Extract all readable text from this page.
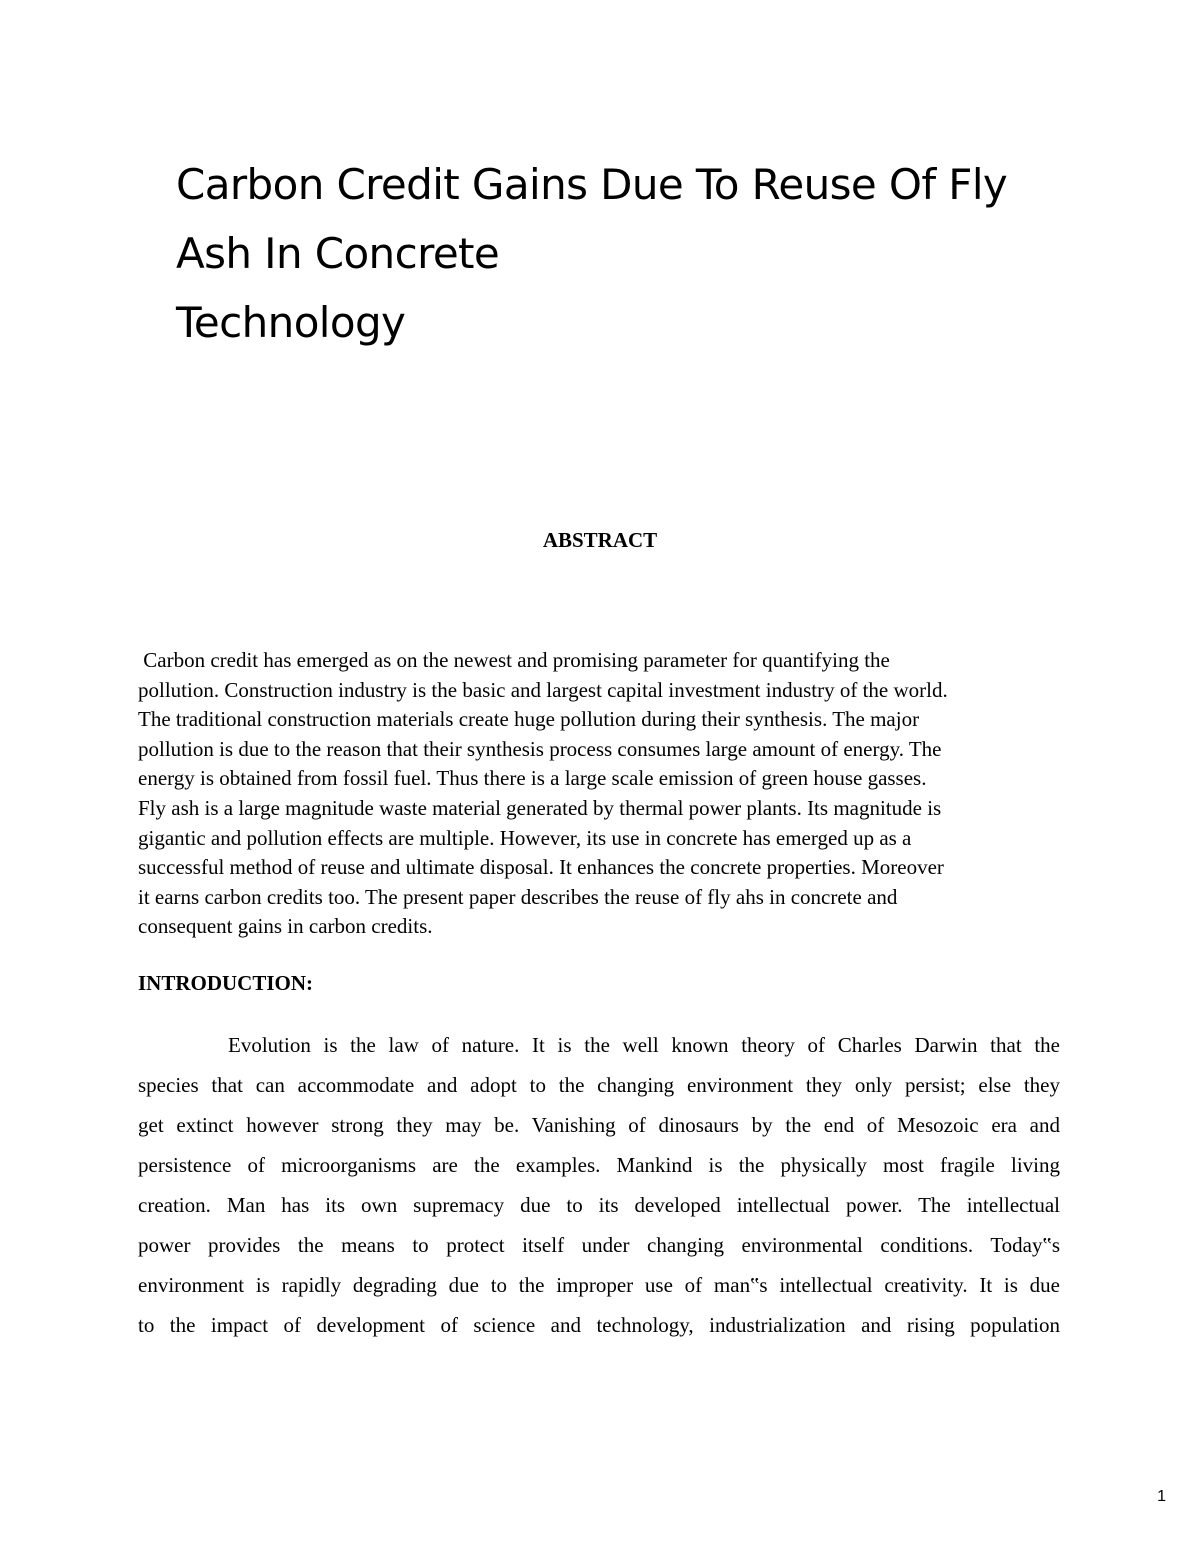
Carbon Credit Gains Due To Reuse Of Fly
Ash In Concrete
Technology
ABSTRACT
Carbon credit has emerged as on the newest and promising parameter for quantifying the
pollution. Construction industry is the basic and largest capital investment industry of the world.
The traditional construction materials create huge pollution during their synthesis. The major
pollution is due to the reason that their synthesis process consumes large amount of energy. The
energy is obtained from fossil fuel. Thus there is a large scale emission of green house gasses.
Fly ash is a large magnitude waste material generated by thermal power plants. Its magnitude is
gigantic and pollution effects are multiple. However, its use in concrete has emerged up as a
successful method of reuse and ultimate disposal. It enhances the concrete properties. Moreover
it earns carbon credits too. The present paper describes the reuse of fly ahs in concrete and
consequent gains in carbon credits.
INTRODUCTION:
Evolution is the law of nature. It is the well known theory of Charles Darwin that the
species that can accommodate and adopt to the changing environment they only persist; else they
get extinct however strong they may be. Vanishing of dinosaurs by the end of Mesozoic era and
persistence of microorganisms are the examples. Mankind is the physically most fragile living
creation. Man has its own supremacy due to its developed intellectual power. The intellectual
power provides the means to protect itself under changing environmental conditions. Today‟s
environment is rapidly degrading due to the improper use of man‟s intellectual creativity. It is due
to the impact of development of science and technology, industrialization and rising population
1
